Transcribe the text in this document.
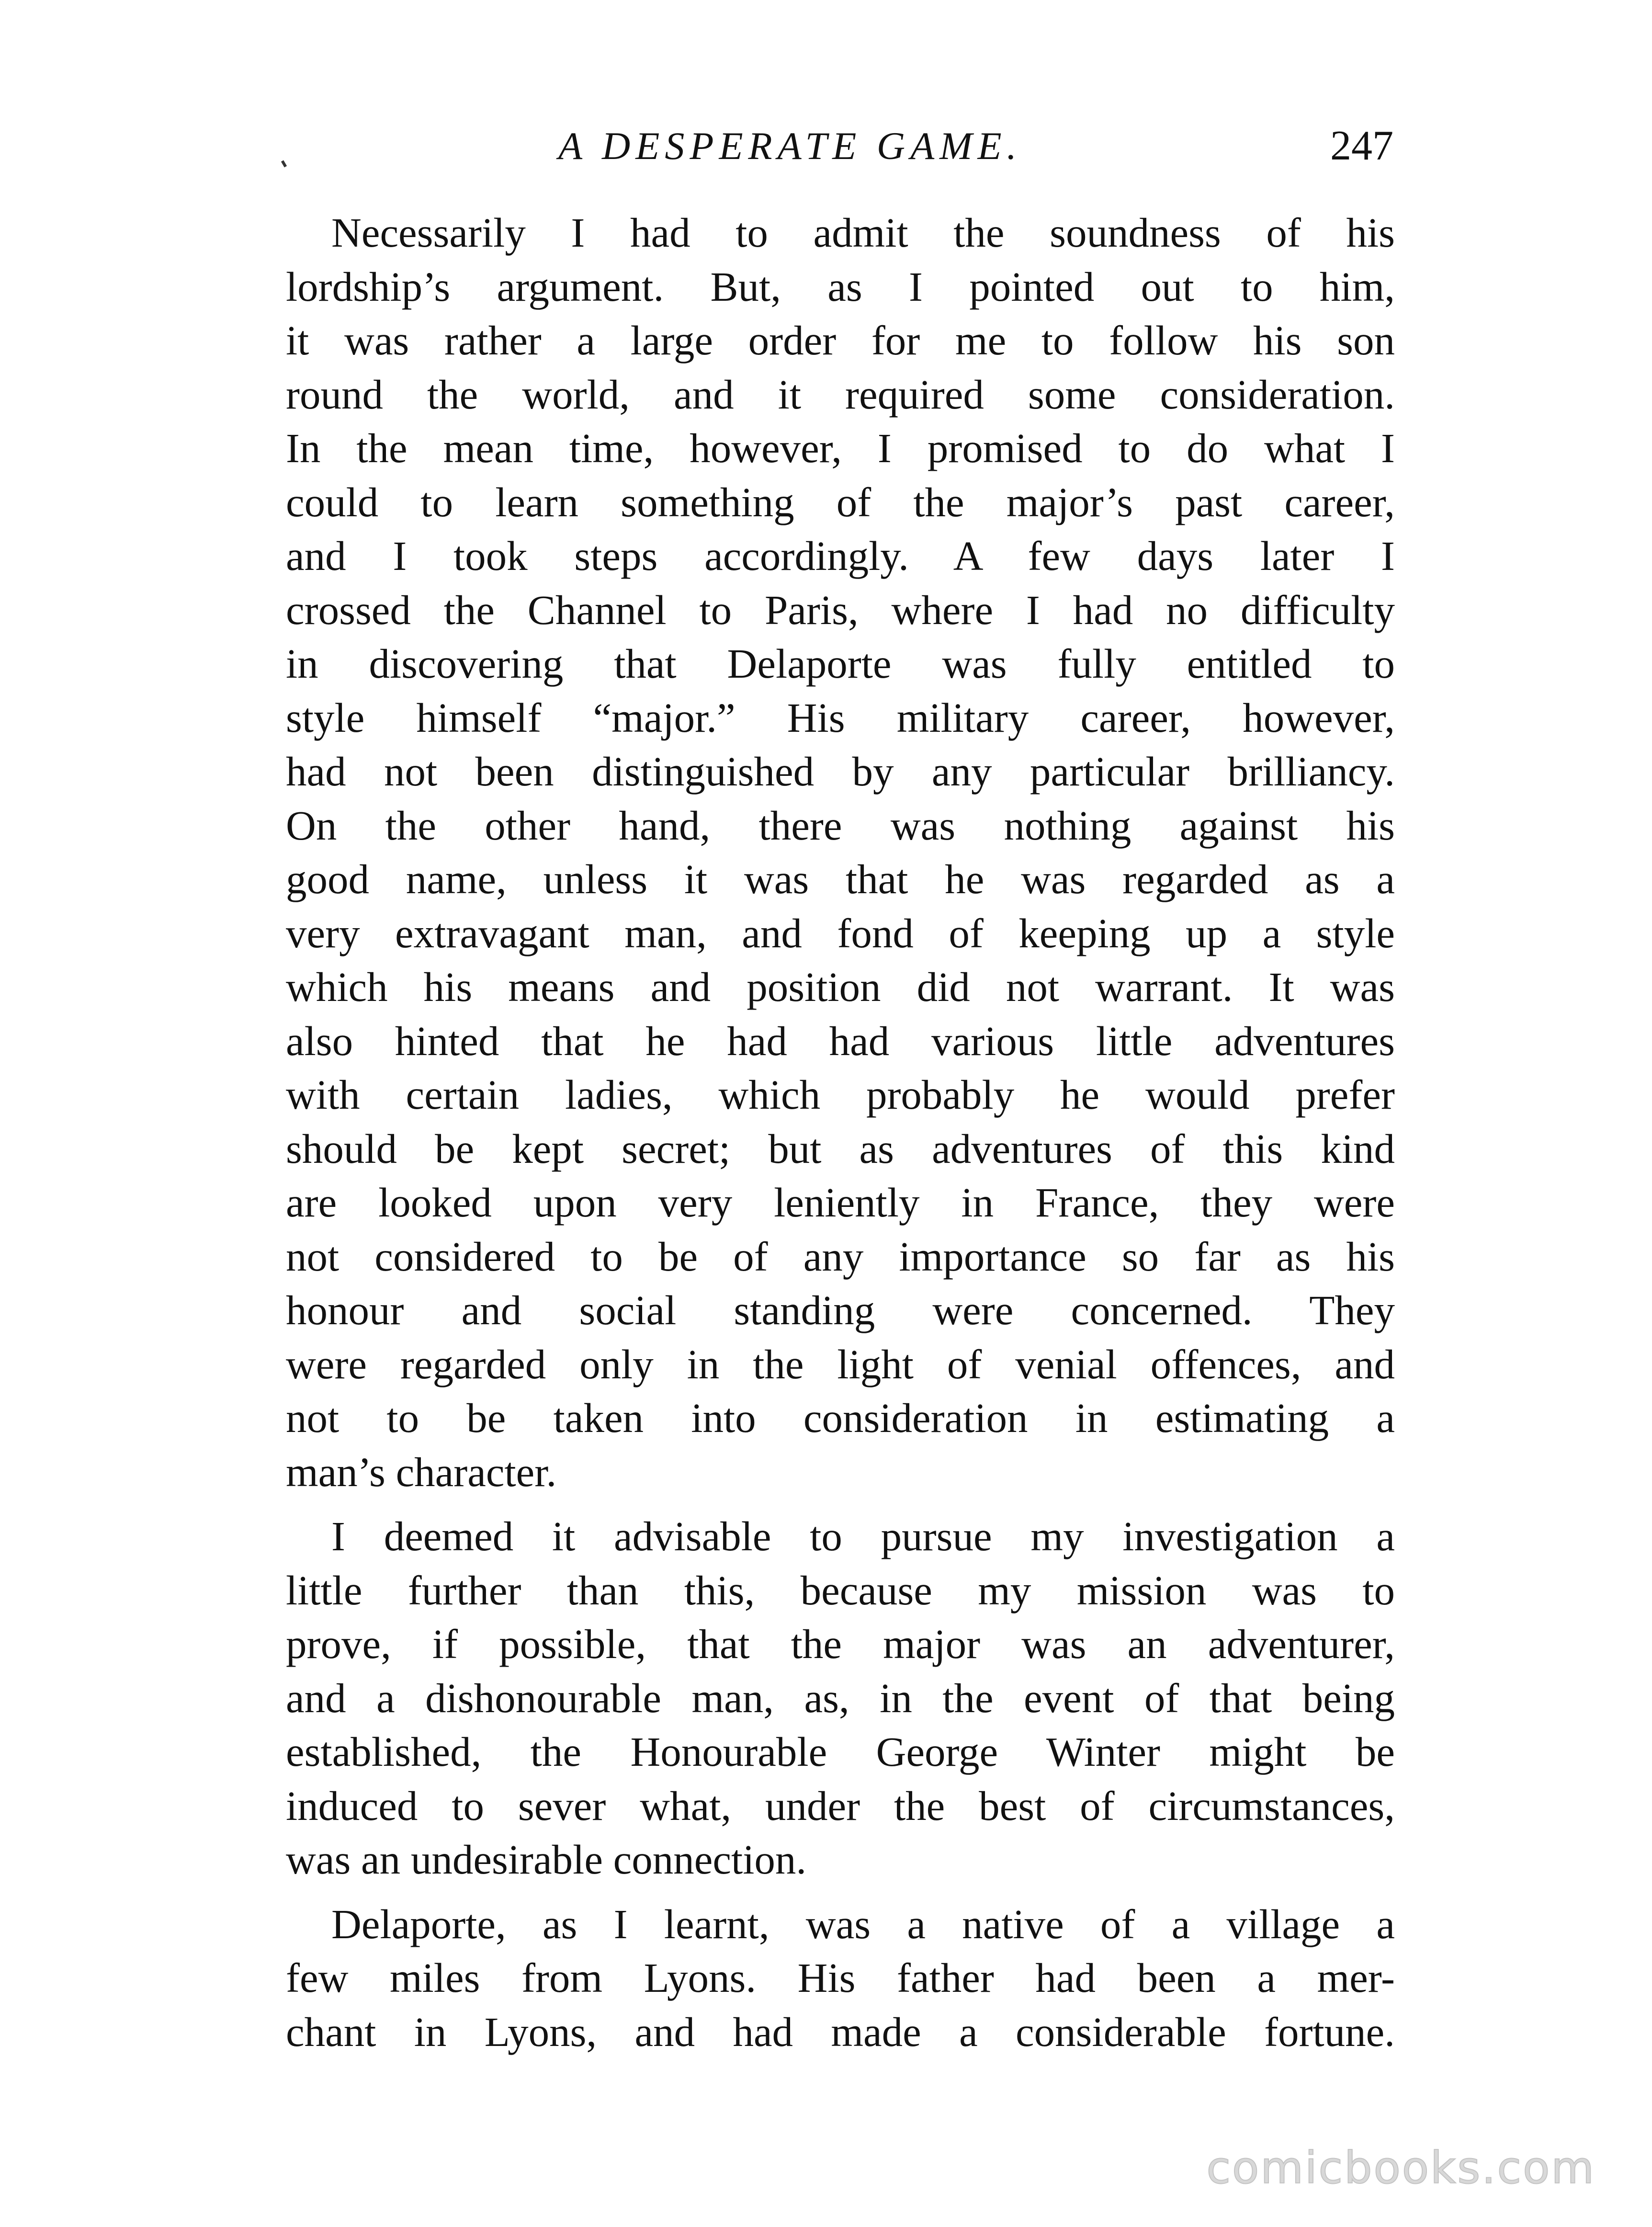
A DESPERATE GAME.	247
Necessarily I had to admit the soundness of his
lordship’s argument. But, as I pointed out to him,
it was rather a large order for me to follow his son
round the world, and it required some consideration.
In the mean time, however, I promised to do what I
could to learn something of the major’s past career,
and I took steps accordingly. A few days later I
crossed the Channel to Paris, where I had no difficulty
in discovering that Delaporte was fully entitled to
style himself “major.” His military career, however,
had not been distinguished by any particular brilliancy.
On the other hand, there was nothing against his
good name, unless it was that he was regarded as a
very extravagant man, and fond of keeping up a style
which his means and position did not warrant. It was
also hinted that he had had various little adventures
with certain ladies, which probably he would prefer
should be kept secret; but as adventures of this kind
are looked upon very leniently in France, they were
not considered to be of any importance so far as his
honour and social standing were concerned. They
were regarded only in the light of venial offences, and
not to be taken into consideration in estimating a
man’s character.
I deemed it advisable to pursue my investigation a
little further than this, because my mission was to
prove, if possible, that the major was an adventurer,
and a dishonourable man, as, in the event of that being
established, the Honourable George Winter might be
induced to sever what, under the best of circumstances,
was an undesirable connection.
Delaporte, as I learnt, was a native of a village a
few miles from Lyons. His father had been a mer-
chant in Lyons, and had made a considerable fortune.
comicbooks.com
